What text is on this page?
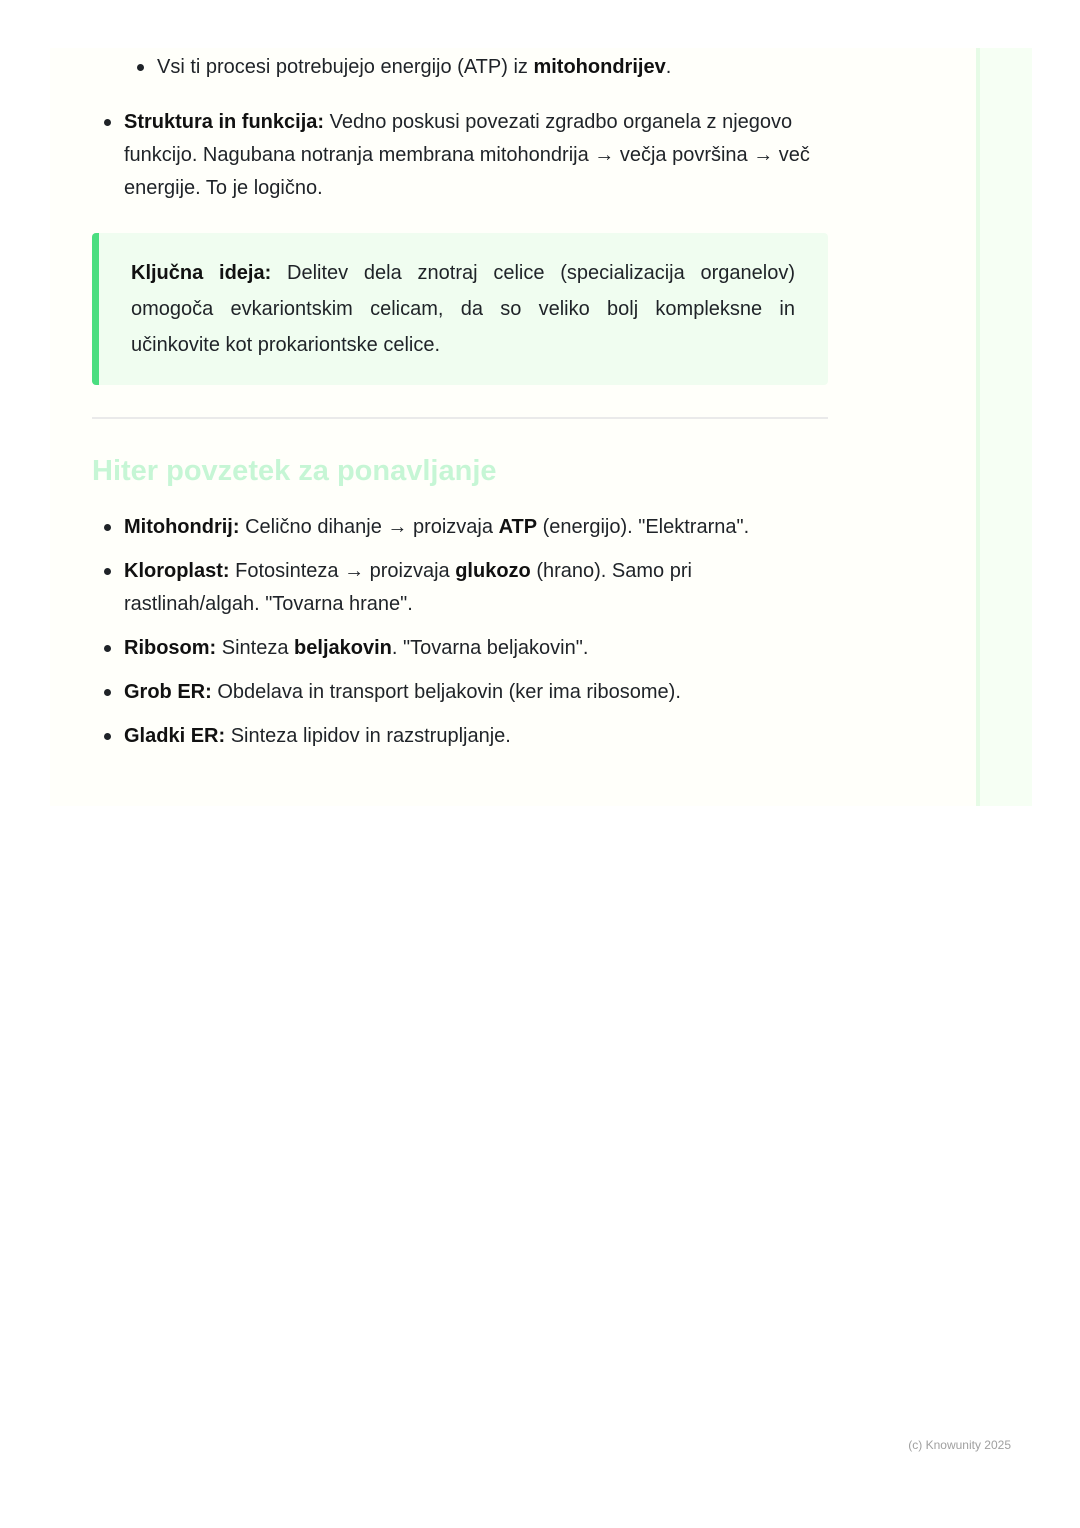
Vsi ti procesi potrebujejo energijo (ATP) iz mitohondrijev.
Struktura in funkcija: Vedno poskusi povezati zgradbo organela z njegovo funkcijo. Nagubana notranja membrana mitohondrija → večja površina → več energije. To je logično.
Ključna ideja: Delitev dela znotraj celice (specializacija organelov) omogoča evkariontskim celicam, da so veliko bolj kompleksne in učinkovite kot prokariontske celice.
Hiter povzetek za ponavljanje
Mitohondrij: Celično dihanje → proizvaja ATP (energijo). "Elektrarna".
Kloroplast: Fotosinteza → proizvaja glukozo (hrano). Samo pri rastlinah/algah. "Tovarna hrane".
Ribosom: Sinteza beljakovin. "Tovarna beljakovin".
Grob ER: Obdelava in transport beljakovin (ker ima ribosome).
Gladki ER: Sinteza lipidov in razstrupljanje.
(c) Knowunity 2025
